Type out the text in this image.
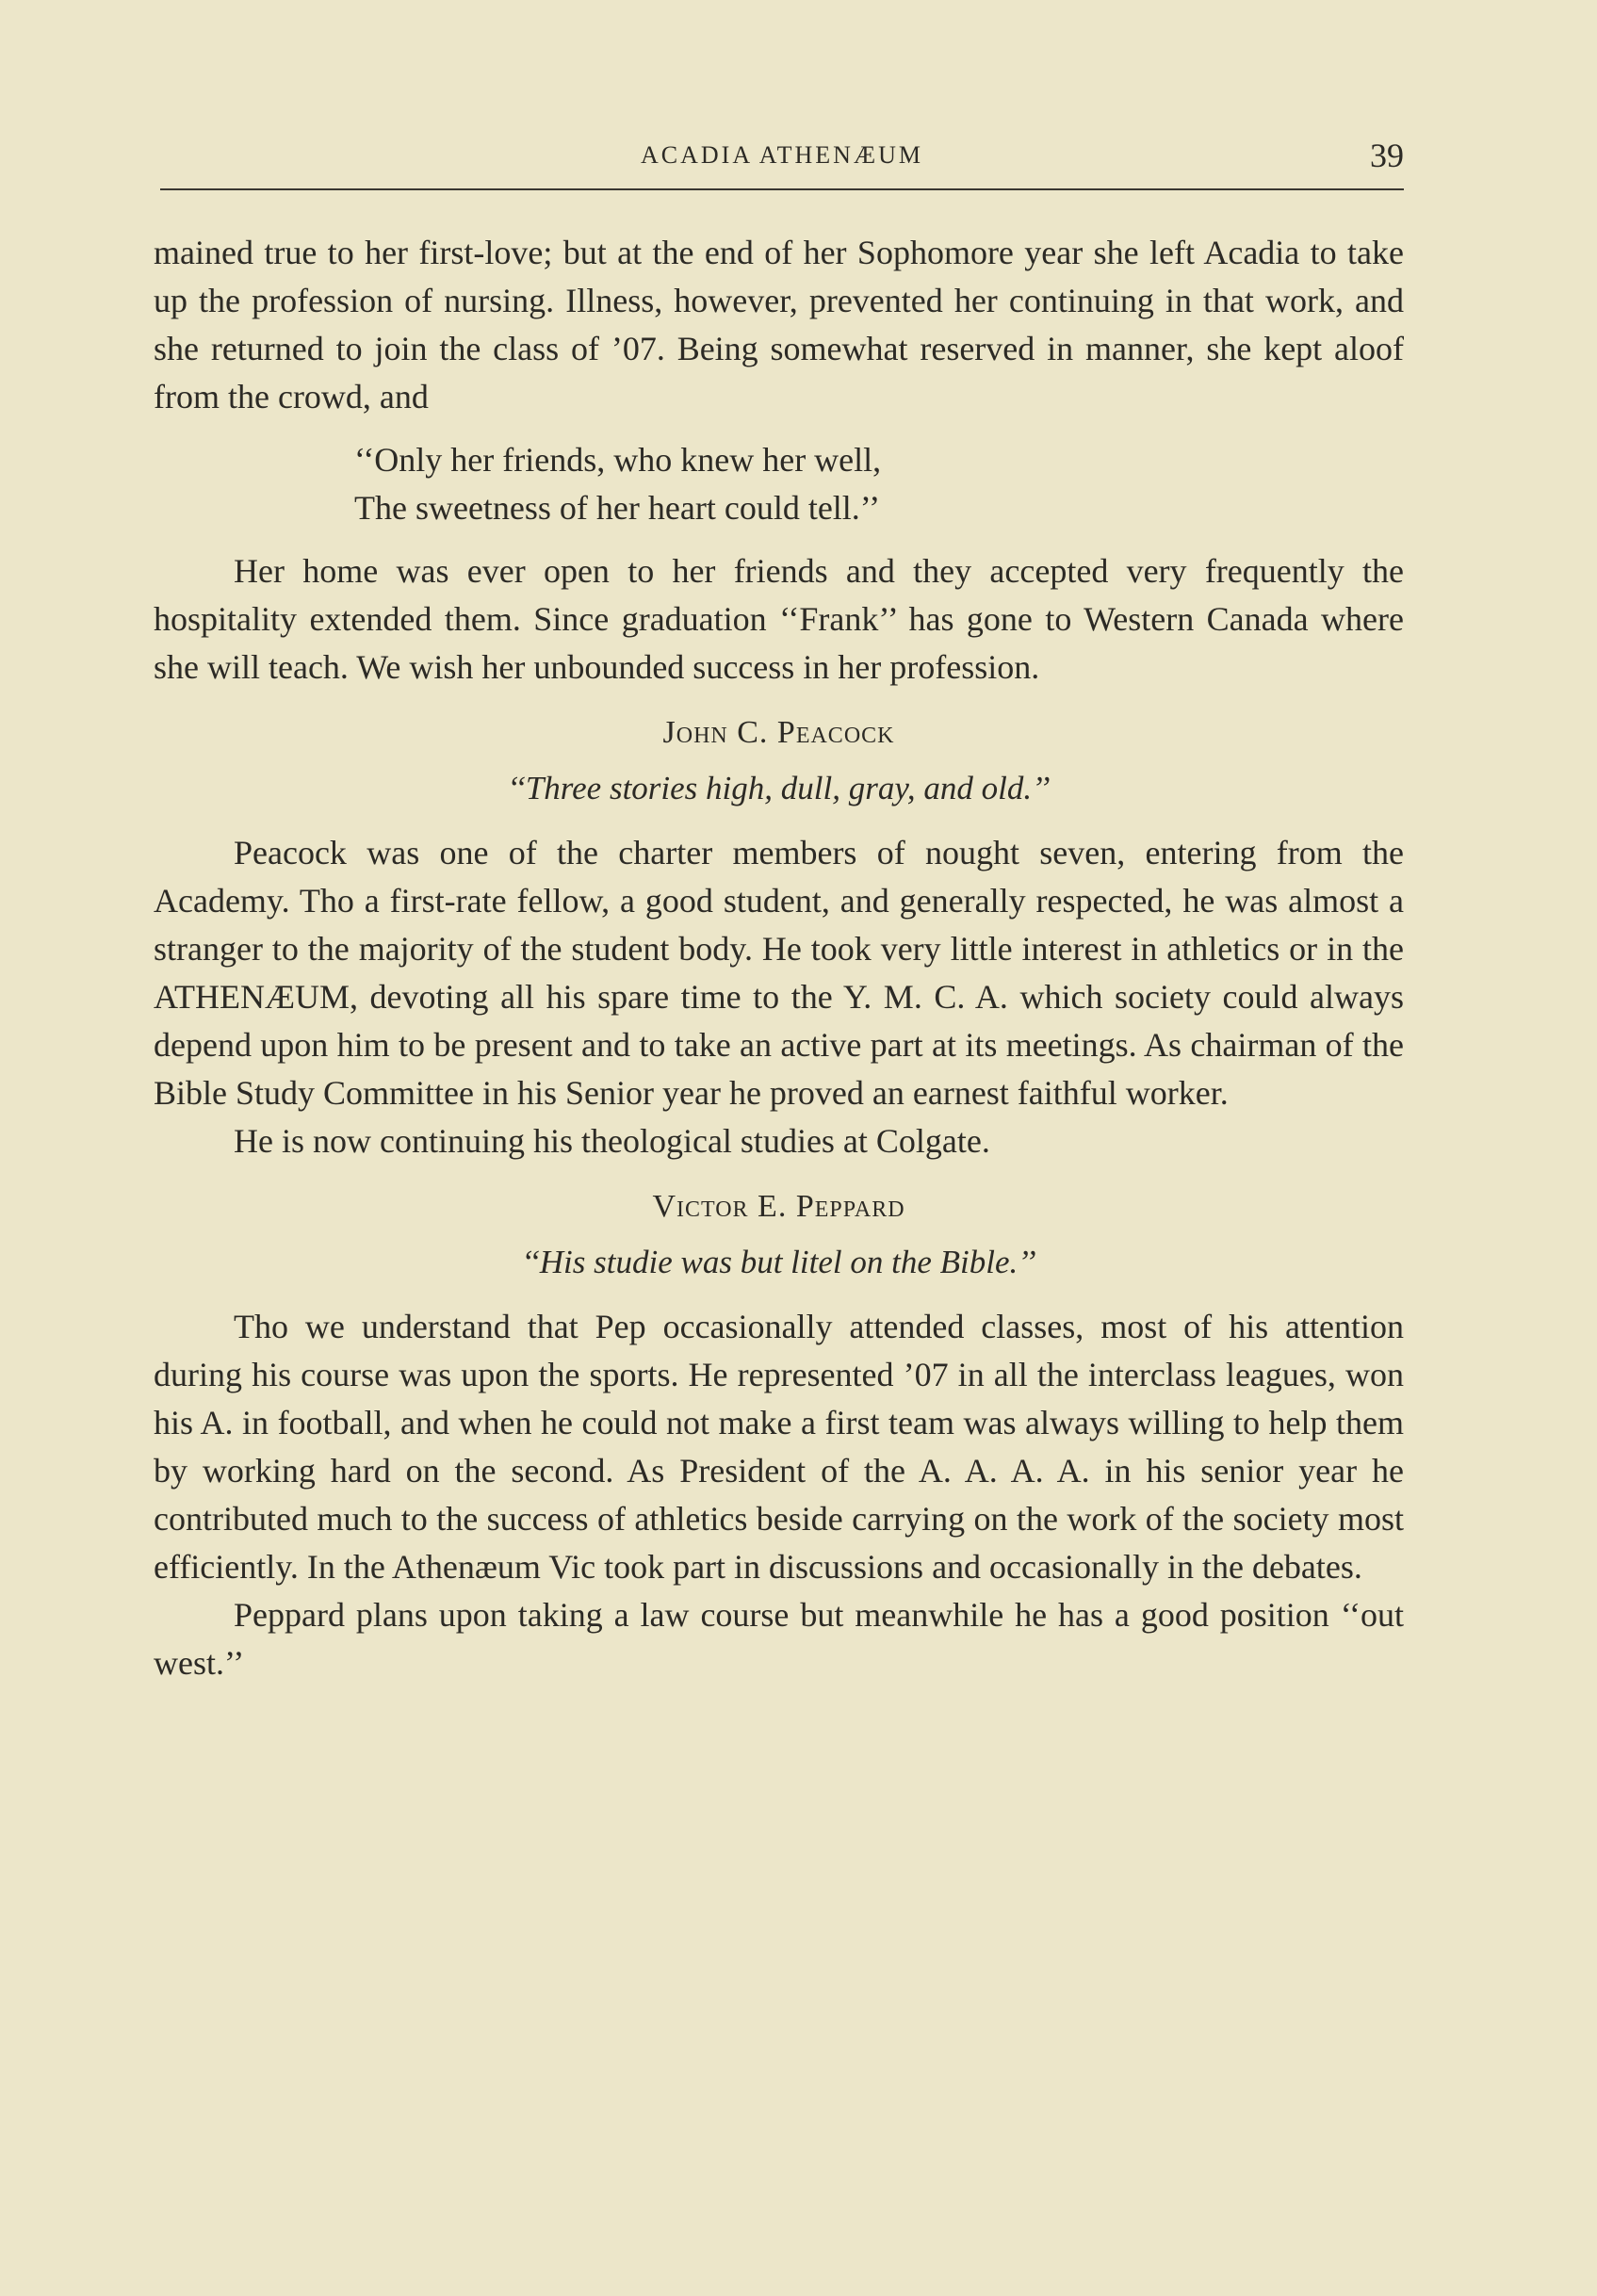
ACADIA ATHENÆUM	39

mained true to her first-love; but at the end of her Sophomore year she left Acadia to take up the profession of nursing. Illness, however, prevented her continuing in that work, and she returned to join the class of ’07. Being somewhat reserved in manner, she kept aloof from the crowd, and

‘‘Only her friends, who knew her well,
The sweetness of her heart could tell.’’

Her home was ever open to her friends and they accepted very frequently the hospitality extended them. Since graduation ‘‘Frank’’ has gone to Western Canada where she will teach. We wish her unbounded success in her profession.

John C. Peacock
‘‘Three stories high, dull, gray, and old.’’

Peacock was one of the charter members of nought seven, entering from the Academy. Tho a first-rate fellow, a good student, and generally respected, he was almost a stranger to the majority of the student body. He took very little interest in athletics or in the ATHENÆUM, devoting all his spare time to the Y. M. C. A. which society could always depend upon him to be present and to take an active part at its meetings. As chairman of the Bible Study Committee in his Senior year he proved an earnest faithful worker.

He is now continuing his theological studies at Colgate.

Victor E. Peppard
‘‘His studie was but litel on the Bible.’’

Tho we understand that Pep occasionally attended classes, most of his attention during his course was upon the sports. He represented ’07 in all the interclass leagues, won his A. in football, and when he could not make a first team was always willing to help them by working hard on the second. As President of the A. A. A. A. in his senior year he contributed much to the success of athletics beside carrying on the work of the society most efficiently. In the Athenæum Vic took part in discussions and occasionally in the debates.

Peppard plans upon taking a law course but meanwhile he has a good position ‘‘out west.’’
